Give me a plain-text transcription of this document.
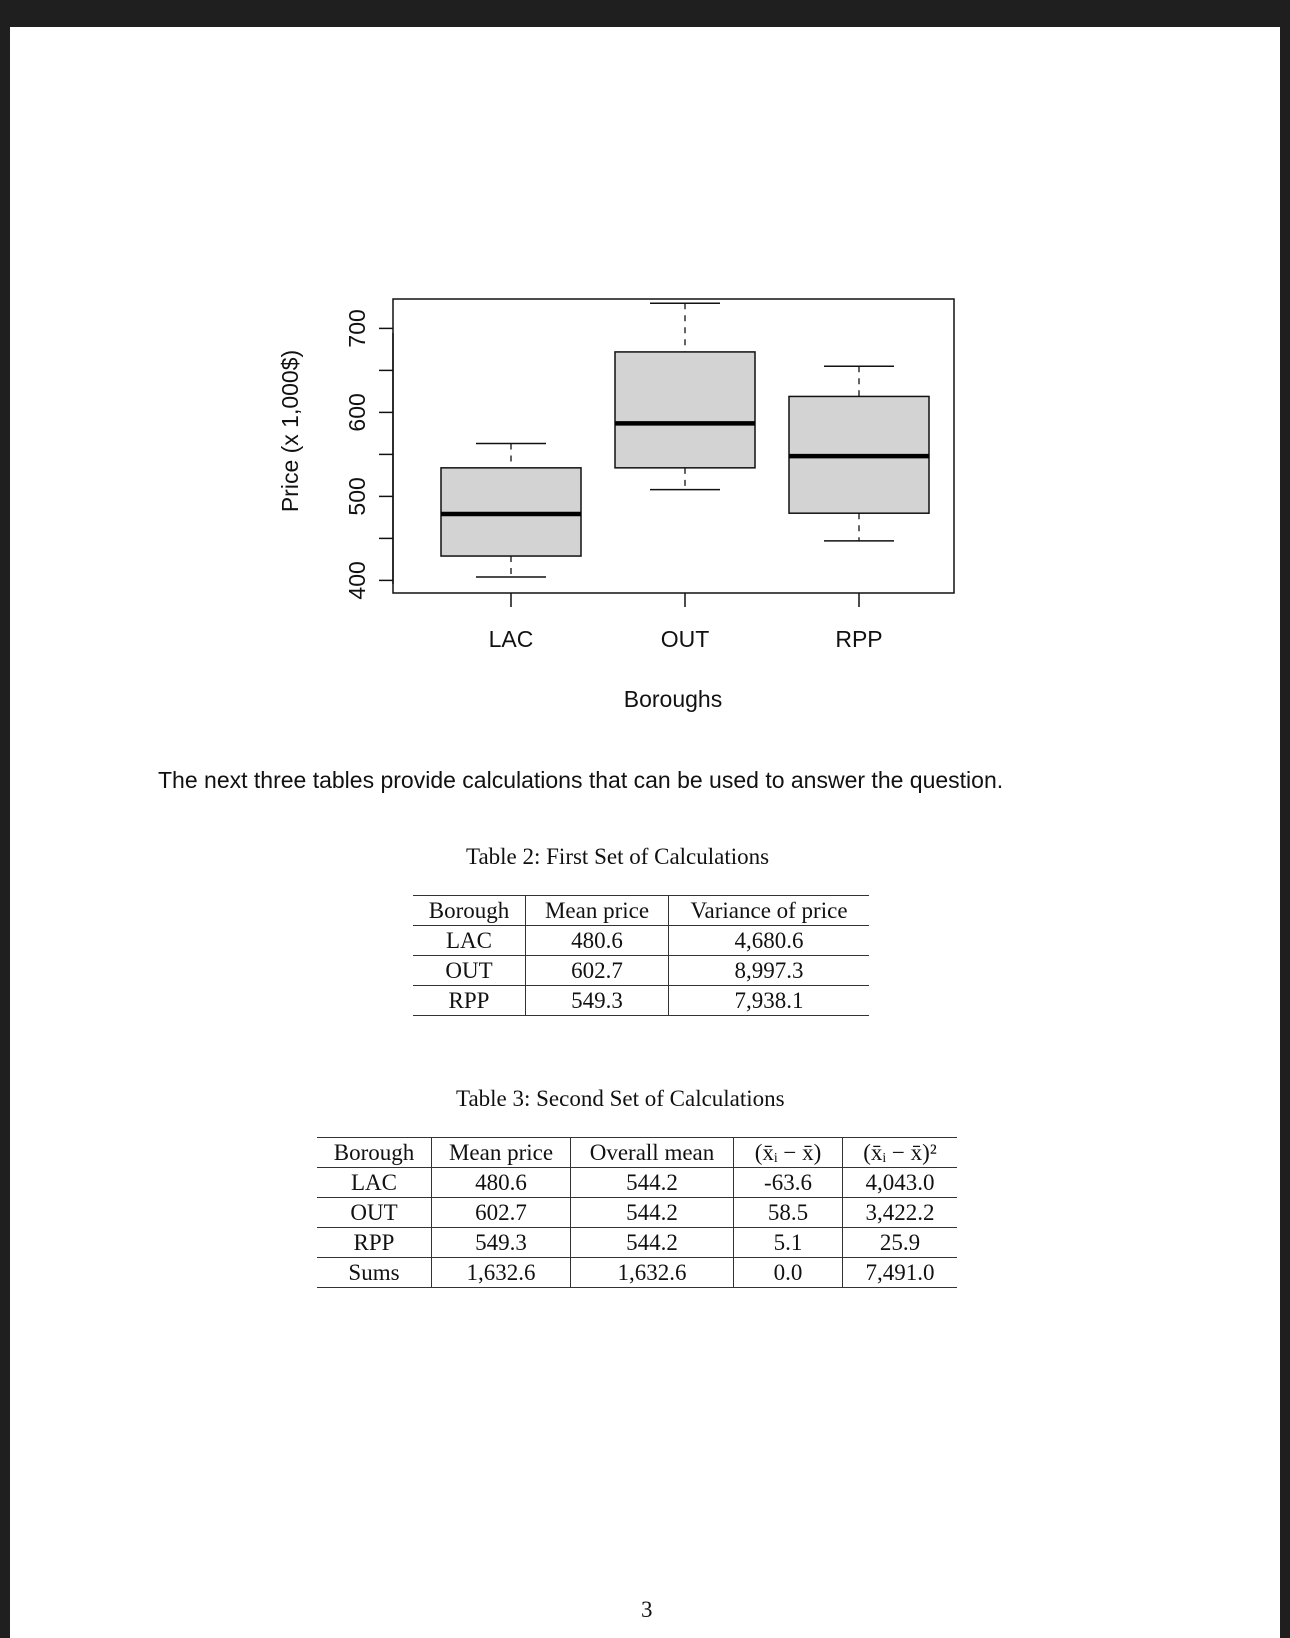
400
500
600
700
LAC	OUT	RPP
Boroughs
Price (x 1,000$)
The next three tables provide calculations that can be used to answer the question.
Table 2: First Set of Calculations
Borough	Mean price	Variance of price
LAC	480.6	4,680.6
OUT	602.7	8,997.3
RPP	549.3	7,938.1
Table 3: Second Set of Calculations
Borough	Mean price	Overall mean	(x̄ᵢ − x̄)	(x̄ᵢ − x̄)²
LAC	480.6	544.2	-63.6	4,043.0
OUT	602.7	544.2	58.5	3,422.2
RPP	549.3	544.2	5.1	25.9
Sums	1,632.6	1,632.6	0.0	7,491.0
3
